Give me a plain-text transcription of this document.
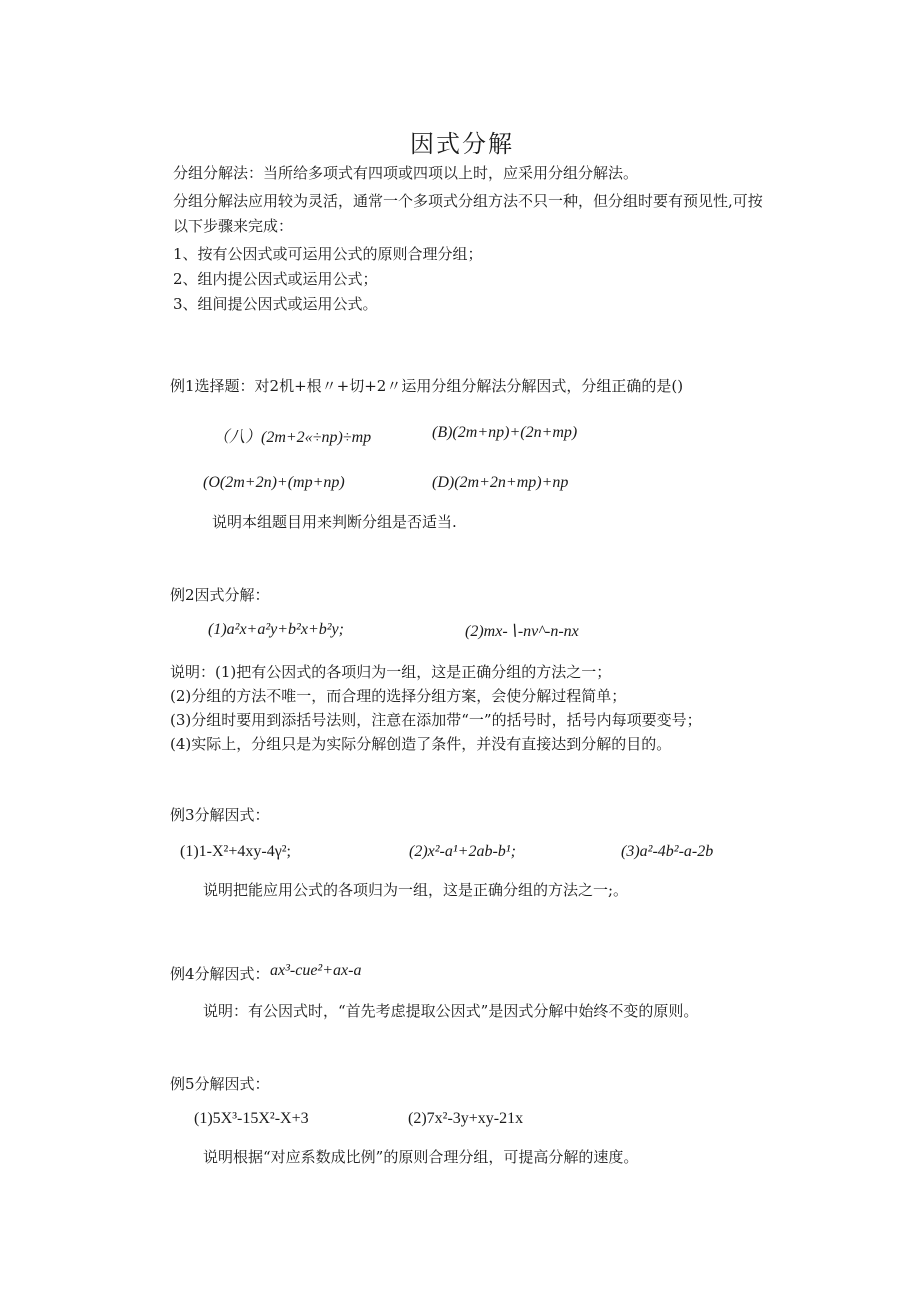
因式分解
分组分解法：当所给多项式有四项或四项以上时，应采用分组分解法。
分组分解法应用较为灵活，通常一个多项式分组方法不只一种，但分组时要有预见性,可按
以下步骤来完成：
1、按有公因式或可运用公式的原则合理分组；
2、组内提公因式或运用公式；
3、组间提公因式或运用公式。
例1选择题：对2机+根〃+切+2〃运用分组分解法分解因式，分组正确的是()
（八）(2m+2«÷np)÷mp	(B)(2m+np)+(2n+mp)
(O(2m+2n)+(mp+np)	(D)(2m+2n+mp)+np
说明本组题目用来判断分组是否适当.
例2因式分解：
(1)a²x+a²y+b²x+b²y;	(2)mx-∖-nv^-n-nx
说明：(1)把有公因式的各项归为一组，这是正确分组的方法之一；
(2)分组的方法不唯一，而合理的选择分组方案，会使分解过程简单；
(3)分组时要用到添括号法则，注意在添加带“一”的括号时，括号内每项要变号；
(4)实际上，分组只是为实际分解创造了条件，并没有直接达到分解的目的。
例3分解因式：
(1)1-X²+4xy-4γ²;	(2)x²-a¹+2ab-b¹;	(3)a²-4b²-a-2b
说明把能应用公式的各项归为一组，这是正确分组的方法之一;。
例4分解因式： ax³-cue²+ax-a
说明：有公因式时，“首先考虑提取公因式”是因式分解中始终不变的原则。
例5分解因式：
(1)5X³-15X²-X+3	(2)7x²-3y+xy-21x
说明根据“对应系数成比例”的原则合理分组，可提高分解的速度。
